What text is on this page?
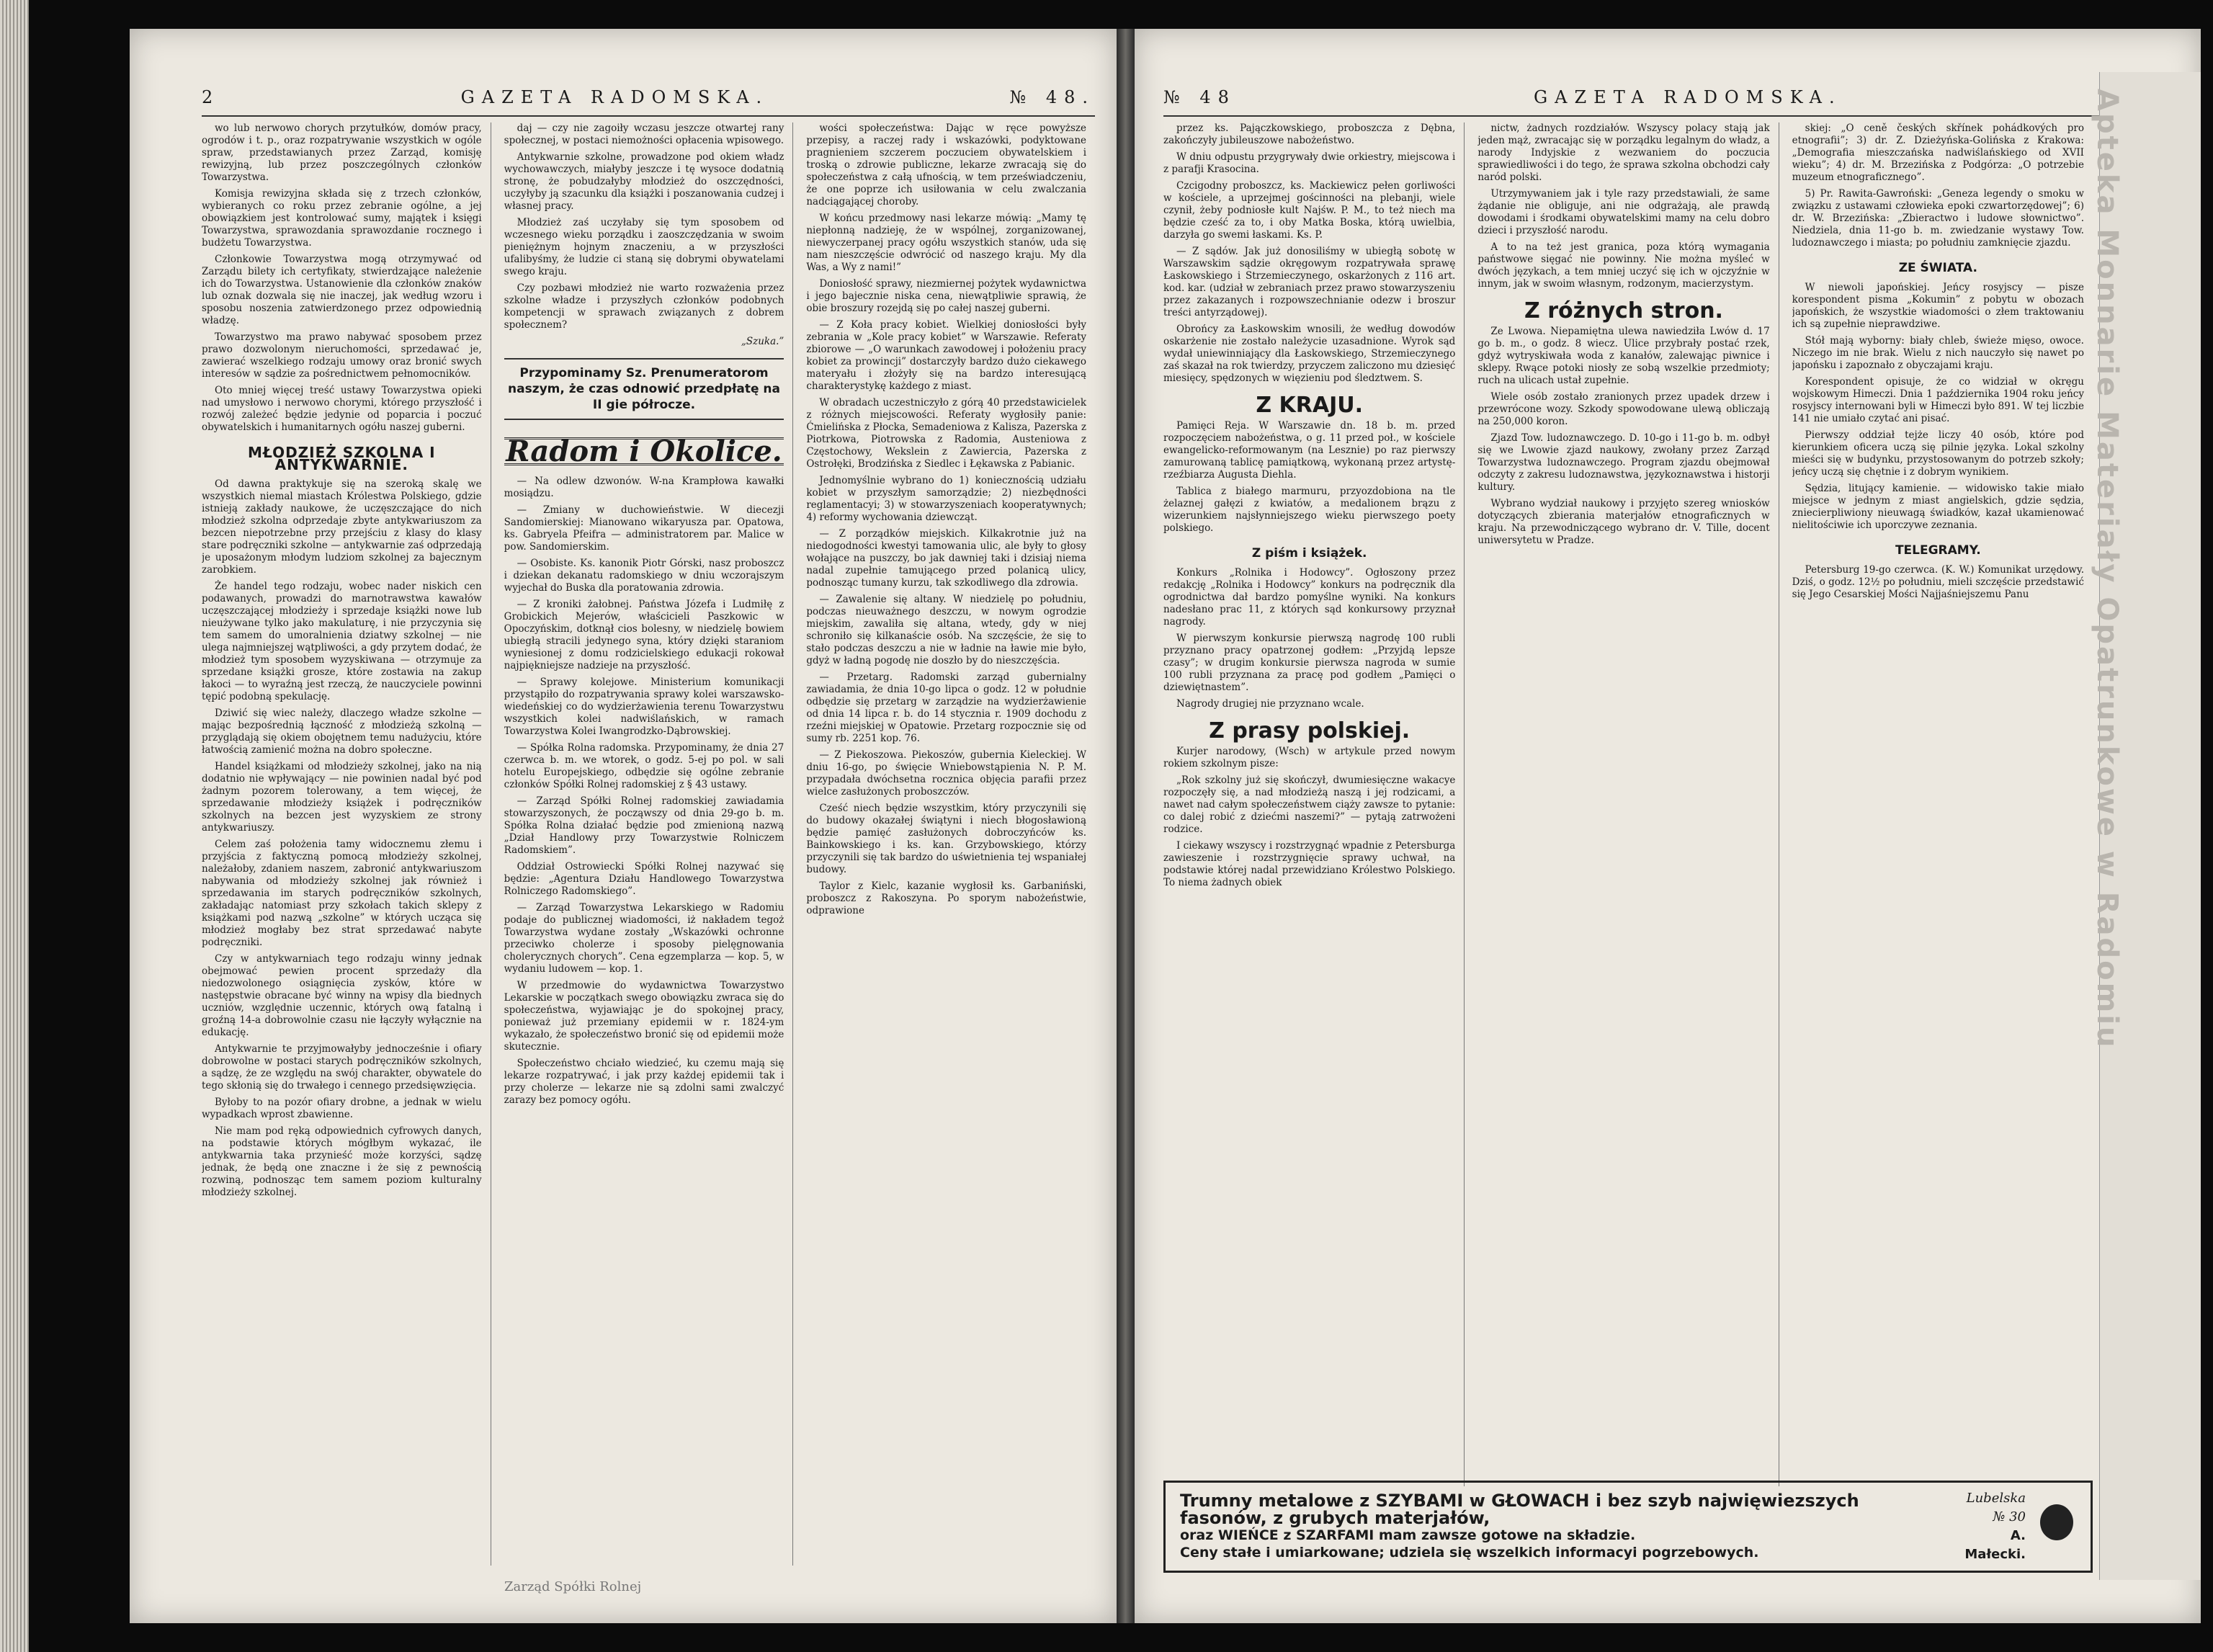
2	GAZETA RADOMSKA.	№ 48.

wo lub nerwowo chorych przytułków, domów pracy, ogrodów i t. p., oraz rozpatrywanie wszystkich w ogóle spraw, przedstawianych przez Zarząd, komisję rewizyjną, lub przez poszczególnych członków Towarzystwa.

Komisja rewizyjna składa się z trzech członków, wybieranych co roku przez zebranie ogólne, a jej obowiązkiem jest kontrolować sumy, majątek i księgi Towarzystwa, sprawozdania sprawozdanie rocznego i budżetu Towarzystwa.

Członkowie Towarzystwa mogą otrzymywać od Zarządu bilety ich certyfikaty, stwierdzające należenie ich do Towarzystwa. Ustanowienie dla członków znaków lub oznak dozwala się nie inaczej, jak według wzoru i sposobu noszenia zatwierdzonego przez odpowiednią władzę.

Towarzystwo ma prawo nabywać sposobem przez prawo dozwolonym nieruchomości, sprzedawać je, zawierać wszelkiego rodzaju umowy oraz bronić swych interesów w sądzie za pośrednictwem pełnomocników.

Oto mniej więcej treść ustawy Towarzystwa opieki nad umysłowo i nerwowo chorymi, którego przyszłość i rozwój zależeć będzie jedynie od poparcia i poczuć obywatelskich i humanitarnych ogółu naszej guberni.

MŁODZIEŻ SZKOLNA I ANTYKWARNIE.

Od dawna praktykuje się na szeroką skalę we wszystkich niemal miastach Królestwa Polskiego, gdzie istnieją zakłady naukowe, że uczęszczające do nich młodzież szkolna odprzedaje zbyte antykwariuszom za bezcen niepotrzebne przy przejściu z klasy do klasy stare podręczniki szkolne — antykwarnie zaś odprzedają je uposażonym młodym ludziom szkolnej za bajecznym zarobkiem.

Że handel tego rodzaju, wobec nader niskich cen podawanych, prowadzi do marnotrawstwa kawałów uczęszczającej młodzieży i sprzedaje książki nowe lub nieużywane tylko jako makulaturę, i nie przyczynia się tem samem do umoralnienia dziatwy szkolnej — nie ulega najmniejszej wątpliwości, a gdy przytem dodać, że młodzież tym sposobem wyzyskiwana — otrzymuje za sprzedane książki grosze, które zostawia na zakup łakoci — to wyraźną jest rzeczą, że nauczyciele powinni tępić podobną spekulację.

Dziwić się wiec należy, dlaczego władze szkolne — mając bezpośrednią łączność z młodzieżą szkolną — przyglądają się okiem obojętnem temu nadużyciu, które łatwością zamienić można na dobro społeczne.

Handel książkami od młodzieży szkolnej, jako na nią dodatnio nie wpływający — nie powinien nadal być pod żadnym pozorem tolerowany, a tem więcej, że sprzedawanie młodzieży książek i podręczników szkolnych na bezcen jest wyzyskiem ze strony antykwariuszy.

Celem zaś położenia tamy widocznemu złemu i przyjścia z faktyczną pomocą młodzieży szkolnej, należałoby, zdaniem naszem, zabronić antykwariuszom nabywania od młodzieży szkolnej jak również i sprzedawania im starych podręczników szkolnych, zakładając natomiast przy szkołach takich sklepy z książkami pod nazwą „szkolne” w których ucząca się młodzież mogłaby bez strat sprzedawać nabyte podręczniki.

Czy w antykwarniach tego rodzaju winny jednak obejmować pewien procent sprzedaży dla niedozwolonego osiągnięcia zysków, które w następstwie obracane być winny na wpisy dla biednych uczniów, względnie uczennic, których ową fatalną i groźną 14-a dobrowolnie czasu nie łączyły wyłącznie na edukację.

Antykwarnie te przyjmowałyby jednocześnie i ofiary dobrowolne w postaci starych podręczników szkolnych, a sądzę, że ze względu na swój charakter, obywatele do tego skłonią się do trwałego i cennego przedsięwzięcia.

Byłoby to na pozór ofiary drobne, a jednak w wielu wypadkach wprost zbawienne.

Nie mam pod ręką odpowiednich cyfrowych danych, na podstawie których mógłbym wykazać, ile antykwarnia taka przynieść może korzyści, sądzę jednak, że będą one znaczne i że się z pewnością rozwiną, podnosząc tem samem poziom kulturalny młodzieży szkolnej.

daj — czy nie zagoiły wczasu jeszcze otwartej rany społecznej, w postaci niemożności opłacenia wpisowego.

Antykwarnie szkolne, prowadzone pod okiem władz wychowawczych, miałyby jeszcze i tę wysoce dodatnią stronę, że pobudzałyby młodzież do oszczędności, uczyłyby ją szacunku dla książki i poszanowania cudzej i własnej pracy.

Młodzież zaś uczyłaby się tym sposobem od wczesnego wieku porządku i zaoszczędzania w swoim pieniężnym hojnym znaczeniu, a w przyszłości ufalibyśmy, że ludzie ci staną się dobrymi obywatelami swego kraju.

Czy pozbawi młodzież nie warto rozważenia przez szkolne władze i przyszłych członków podobnych kompetencji w sprawach związanych z dobrem społecznem?

„Szuka.”
Przypominamy Sz. Prenumeratorom naszym, że czas odnowić przedpłatę na II gie półrocze.
Radom i Okolice.

— Na odlew dzwonów. W-na Krampłowa kawałki mosiądzu.

— Zmiany w duchowieństwie. W diecezji Sandomierskiej: Mianowano wikaryusza par. Opatowa, ks. Gabryela Pfeifra — administratorem par. Malice w pow. Sandomierskim.

— Osobiste. Ks. kanonik Piotr Górski, nasz proboszcz i dziekan dekanatu radomskiego w dniu wczorajszym wyjechał do Buska dla poratowania zdrowia.

— Z kroniki żałobnej. Państwa Józefa i Ludmiłę z Grobickich Mejerów, właścicieli Paszkowic w Opoczyńskim, dotknął cios bolesny, w niedzielę bowiem ubiegłą stracili jedynego syna, który dzięki staraniom wyniesionej z domu rodzicielskiego edukacji rokował najpiękniejsze nadzieje na przyszłość.

— Sprawy kolejowe. Ministerium komunikacji przystąpiło do rozpatrywania sprawy kolei warszawsko-wiedeńskiej co do wydzierżawienia terenu Towarzystwu wszystkich kolei nadwiślańskich, w ramach Towarzystwa Kolei Iwangrodzko-Dąbrowskiej.

— Spółka Rolna radomska. Przypominamy, że dnia 27 czerwca b. m. we wtorek, o godz. 5-ej po pol. w sali hotelu Europejskiego, odbędzie się ogólne zebranie członków Spółki Rolnej radomskiej z § 43 ustawy.

— Zarząd Spółki Rolnej radomskiej zawiadamia stowarzyszonych, że począwszy od dnia 29-go b. m. Spółka Rolna działać będzie pod zmienioną nazwą „Dział Handlowy przy Towarzystwie Rolniczem Radomskiem”.

Oddział Ostrowiecki Spółki Rolnej nazywać się będzie: „Agentura Działu Handlowego Towarzystwa Rolniczego Radomskiego”.

— Zarząd Towarzystwa Lekarskiego w Radomiu podaje do publicznej wiadomości, iż nakładem tegoż Towarzystwa wydane zostały „Wskazówki ochronne przeciwko cholerze i sposoby pielęgnowania cholerycznych chorych”. Cena egzemplarza — kop. 5, w wydaniu ludowem — kop. 1.

W przedmowie do wydawnictwa Towarzystwo Lekarskie w początkach swego obowiązku zwraca się do społeczeństwa, wyjawiając je do spokojnej pracy, ponieważ już przemiany epidemii w r. 1824-ym wykazało, że społeczeństwo bronić się od epidemii może skutecznie.

Społeczeństwo chciało wiedzieć, ku czemu mają się lekarze rozpatrywać, i jak przy każdej epidemii tak i przy cholerze — lekarze nie są zdolni sami zwalczyć zarazy bez pomocy ogółu.

wości społeczeństwa: Dając w ręce powyższe przepisy, a raczej rady i wskazówki, podyktowane pragnieniem szczerem poczuciem obywatelskiem i troską o zdrowie publiczne, lekarze zwracają się do społeczeństwa z całą ufnością, w tem przeświadczeniu, że one poprze ich usiłowania w celu zwalczania nadciągającej choroby.

W końcu przedmowy nasi lekarze mówią: „Mamy tę niepłonną nadzieję, że w wspólnej, zorganizowanej, niewyczerpanej pracy ogółu wszystkich stanów, uda się nam nieszczęście odwrócić od naszego kraju. My dla Was, a Wy z nami!”

Doniosłość sprawy, niezmiernej pożytek wydawnictwa i jego bajecznie niska cena, niewątpliwie sprawią, że obie broszury rozejdą się po całej naszej guberni.

— Z Koła pracy kobiet. Wielkiej doniosłości były zebrania w „Kole pracy kobiet” w Warszawie. Referaty zbiorowe — „O warunkach zawodowej i położeniu pracy kobiet za prowincji” dostarczyły bardzo dużo ciekawego materyału i złożyły się na bardzo interesującą charakterystykę każdego z miast.

W obradach uczestniczyło z górą 40 przedstawicielek z różnych miejscowości. Referaty wygłosiły panie: Ćmielińska z Płocka, Semadeniowa z Kalisza, Pazerska z Piotrkowa, Piotrowska z Radomia, Austeniowa z Częstochowy, Wekslein z Zawiercia, Pazerska z Ostrołęki, Brodzińska z Siedlec i Łękawska z Pabianic.

Jednomyślnie wybrano do 1) koniecznością udziału kobiet w przyszłym samorządzie; 2) niezbędności reglamentacyi; 3) w stowarzyszeniach kooperatywnych; 4) reformy wychowania dziewcząt.

— Z porządków miejskich. Kilkakrotnie już na niedogodności kwestyi tamowania ulic, ale były to głosy wołające na puszczy, bo jak dawniej taki i dzisiaj niema nadal zupełnie tamującego przed polanicą ulicy, podnosząc tumany kurzu, tak szkodliwego dla zdrowia.

— Zawalenie się altany. W niedzielę po południu, podczas nieuważnego deszczu, w nowym ogrodzie miejskim, zawaliła się altana, wtedy, gdy w niej schroniło się kilkanaście osób. Na szczęście, że się to stało podczas deszczu a nie w ładnie na ławie mie było, gdyż w ładną pogodę nie doszło by do nieszczęścia.

— Przetarg. Radomski zarząd gubernialny zawiadamia, że dnia 10-go lipca o godz. 12 w południe odbędzie się przetarg w zarządzie na wydzierżawienie od dnia 14 lipca r. b. do 14 stycznia r. 1909 dochodu z rzeźni miejskiej w Opatowie. Przetarg rozpocznie się od sumy rb. 2251 kop. 76.

— Z Piekoszowa. Piekoszów, gubernia Kieleckiej. W dniu 16-go, po święcie Wniebowstąpienia N. P. M. przypadała dwóchsetna rocznica objęcia parafii przez wielce zasłużonych proboszczów.

Cześć niech będzie wszystkim, który przyczynili się do budowy okazałej świątyni i niech błogosławioną będzie pamięć zasłużonych dobroczyńców ks. Bainkowskiego i ks. kan. Grzybowskiego, którzy przyczynili się tak bardzo do uświetnienia tej wspaniałej budowy.

Taylor z Kielc, kazanie wygłosił ks. Garbaniński, proboszcz z Rakoszyna. Po sporym nabożeństwie, odprawione

Zarząd Spółki Rolnej
№ 48	GAZETA RADOMSKA.

przez ks. Pajączkowskiego, proboszcza z Dębna, zakończyły jubileuszowe nabożeństwo.

W dniu odpustu przygrywały dwie orkiestry, miejscowa i z parafji Krasocina.

Czcigodny proboszcz, ks. Mackiewicz pełen gorliwości w kościele, a uprzejmej gościnności na plebanji, wiele czynił, żeby podniosłe kult Najśw. P. M., to też niech ma będzie cześć za to, i oby Matka Boska, którą uwielbia, darzyła go swemi łaskami. Ks. P.

— Z sądów. Jak już donosiliśmy w ubiegłą sobotę w Warszawskim sądzie okręgowym rozpatrywała sprawę Łaskowskiego i Strzemieczynego, oskarżonych z 116 art. kod. kar. (udział w zebraniach przez prawo stowarzyszeniu przez zakazanych i rozpowszechnianie odezw i broszur treści antyrządowej).

Obrońcy za Łaskowskim wnosili, że według dowodów oskarżenie nie zostało należycie uzasadnione. Wyrok sąd wydał uniewinniający dla Łaskowskiego, Strzemieczynego zaś skazał na rok twierdzy, przyczem zaliczono mu dziesięć miesięcy, spędzonych w więzieniu pod śledztwem. S.

Z KRAJU.

Pamięci Reja. W Warszawie dn. 18 b. m. przed rozpoczęciem nabożeństwa, o g. 11 przed poł., w kościele ewangelicko-reformowanym (na Lesznie) po raz pierwszy zamurowaną tablicę pamiątkową, wykonaną przez artystę-rzeźbiarza Augusta Diehla.

Tablica z białego marmuru, przyozdobiona na tle żelaznej gałęzi z kwiatów, a medalionem brązu z wizerunkiem najsłynniejszego wieku pierwszego poety polskiego.

Z piśm i książek.

Konkurs „Rolnika i Hodowcy”. Ogłoszony przez redakcję „Rolnika i Hodowcy” konkurs na podręcznik dla ogrodnictwa dał bardzo pomyślne wyniki. Na konkurs nadesłano prac 11, z których sąd konkursowy przyznał nagrody.

W pierwszym konkursie pierwszą nagrodę 100 rubli przyznano pracy opatrzonej godłem: „Przyjdą lepsze czasy”; w drugim konkursie pierwsza nagroda w sumie 100 rubli przyznana za pracę pod godłem „Pamięci o dziewiętnastem”.

Nagrody drugiej nie przyznano wcale.

Z prasy polskiej.

Kurjer narodowy, (Wsch) w artykule przed nowym rokiem szkolnym pisze:

„Rok szkolny już się skończył, dwumiesięczne wakacye rozpoczęły się, a nad młodzieżą naszą i jej rodzicami, a nawet nad całym społeczeństwem ciąży zawsze to pytanie: co dalej robić z dziećmi naszemi?” — pytają zatrwożeni rodzice.

I ciekawy wszyscy i rozstrzygnąć wpadnie z Petersburga zawieszenie i rozstrzygnięcie sprawy uchwał, na podstawie której nadal przewidziano Królestwo Polskiego. To niema żadnych obiek

nictw, żadnych rozdziałów. Wszyscy polacy stają jak jeden mąż, zwracając się w porządku legalnym do władz, a narody Indyjskie z wezwaniem do poczucia sprawiedliwości i do tego, że sprawa szkolna obchodzi cały naród polski.

Utrzymywaniem jak i tyle razy przedstawiali, że same żądanie nie obliguje, ani nie odgrażają, ale prawdą dowodami i środkami obywatelskimi mamy na celu dobro dzieci i przyszłość narodu.

A to na też jest granica, poza którą wymagania państwowe sięgać nie powinny. Nie można myśleć w dwóch językach, a tem mniej uczyć się ich w ojczyźnie w innym, jak w swoim własnym, rodzonym, macierzystym.

Z różnych stron.

Ze Lwowa. Niepamiętna ulewa nawiedziła Lwów d. 17 go b. m., o godz. 8 wiecz. Ulice przybrały postać rzek, gdyż wytryskiwała woda z kanałów, zalewając piwnice i sklepy. Rwące potoki niosły ze sobą wszelkie przedmioty; ruch na ulicach ustał zupełnie.

Wiele osób zostało zranionych przez upadek drzew i przewrócone wozy. Szkody spowodowane ulewą obliczają na 250,000 koron.

Zjazd Tow. ludoznawczego. D. 10-go i 11-go b. m. odbył się we Lwowie zjazd naukowy, zwołany przez Zarząd Towarzystwa ludoznawczego. Program zjazdu obejmował odczyty z zakresu ludoznawstwa, językoznawstwa i historji kultury.

Wybrano wydział naukowy i przyjęto szereg wniosków dotyczących zbierania materjałów etnograficznych w kraju. Na przewodniczącego wybrano dr. V. Tille, docent uniwersytetu w Pradze.

skiej: „O ceně českých skřínek pohádkových pro etnografii”; 3) dr. Z. Dzieżyńska-Golińska z Krakowa: „Demografia mieszczańska nadwiślańskiego od XVII wieku”; 4) dr. M. Brzezińska z Podgórza: „O potrzebie muzeum etnograficznego”.

5) Pr. Rawita-Gawroński: „Geneza legendy o smoku w związku z ustawami człowieka epoki czwartorzędowej”; 6) dr. W. Brzezińska: „Zbieractwo i ludowe słownictwo”. Niedziela, dnia 11-go b. m. zwiedzanie wystawy Tow. ludoznawczego i miasta; po południu zamknięcie zjazdu.

ZE ŚWIATA.

W niewoli japońskiej. Jeńcy rosyjscy — pisze korespondent pisma „Kokumin” z pobytu w obozach japońskich, że wszystkie wiadomości o złem traktowaniu ich są zupełnie nieprawdziwe.

Stół mają wyborny: biały chleb, świeże mięso, owoce. Niczego im nie brak. Wielu z nich nauczyło się nawet po japońsku i zapoznało z obyczajami kraju.

Korespondent opisuje, że co widział w okręgu wojskowym Himeczi. Dnia 1 października 1904 roku jeńcy rosyjscy internowani byli w Himeczi było 891. W tej liczbie 141 nie umiało czytać ani pisać.

Pierwszy oddział tejże liczy 40 osób, które pod kierunkiem oficera uczą się pilnie języka. Lokal szkolny mieści się w budynku, przystosowanym do potrzeb szkoły; jeńcy uczą się chętnie i z dobrym wynikiem.

Sędzia, litujący kamienie. — widowisko takie miało miejsce w jednym z miast angielskich, gdzie sędzia, zniecierpliwiony nieuwagą świadków, kazał ukamienować nielitościwie ich uporczywe zeznania.

TELEGRAMY.

Petersburg 19-go czerwca. (K. W.) Komunikat urzędowy. Dziś, o godz. 12½ po południu, mieli szczęście przedstawić się Jego Cesarskiej Mości Najjaśniejszemu Panu

Trumny metalowe z SZYBAMI w GŁOWACH i bez szyb najwięwiezszych fasonów, z grubych materjałów,
oraz WIEŃCE z SZARFAMI mam zawsze gotowe na składzie.
Ceny stałe i umiarkowane; udziela się wszelkich informacyi pogrzebowych.
Lubelska № 30
A. Małecki.
Apteka Monnarie Materiały Opatrunkowe w Radomiu
